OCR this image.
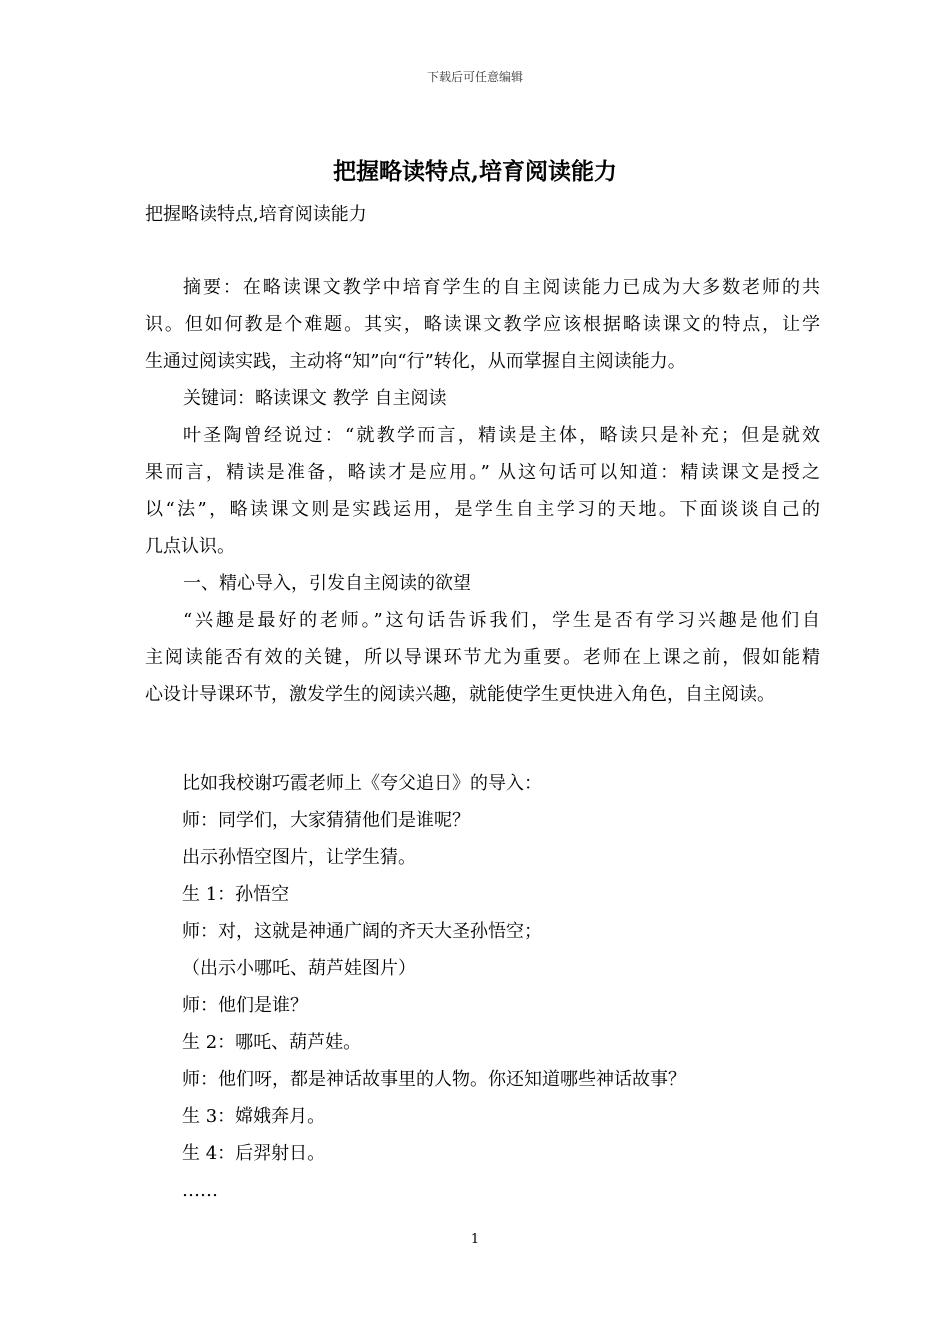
下载后可任意编辑
把握略读特点,培育阅读能力
把握略读特点,培育阅读能力
摘要：在略读课文教学中培育学生的自主阅读能力已成为大多数老师的共
识。但如何教是个难题。其实，略读课文教学应该根据略读课文的特点，让学
生通过阅读实践，主动将“知”向“行”转化，从而掌握自主阅读能力。
关键词：略读课文 教学 自主阅读
叶圣陶曾经说过：“就教学而言，精读是主体，略读只是补充；但是就效
果而言，精读是准备，略读才是应用。” 从这句话可以知道：精读课文是授之
以“法”，略读课文则是实践运用，是学生自主学习的天地。下面谈谈自己的
几点认识。
一、精心导入，引发自主阅读的欲望
“兴趣是最好的老师。”这句话告诉我们，学生是否有学习兴趣是他们自
主阅读能否有效的关键，所以导课环节尤为重要。老师在上课之前，假如能精
心设计导课环节，激发学生的阅读兴趣，就能使学生更快进入角色，自主阅读。
比如我校谢巧霞老师上《夸父追日》的导入：
师：同学们，大家猜猜他们是谁呢？
出示孙悟空图片，让学生猜。
生 1：孙悟空
师：对，这就是神通广阔的齐天大圣孙悟空；
（出示小哪吒、葫芦娃图片）
师：他们是谁？
生 2：哪吒、葫芦娃。
师：他们呀，都是神话故事里的人物。你还知道哪些神话故事？
生 3：嫦娥奔月。
生 4：后羿射日。
……
1
